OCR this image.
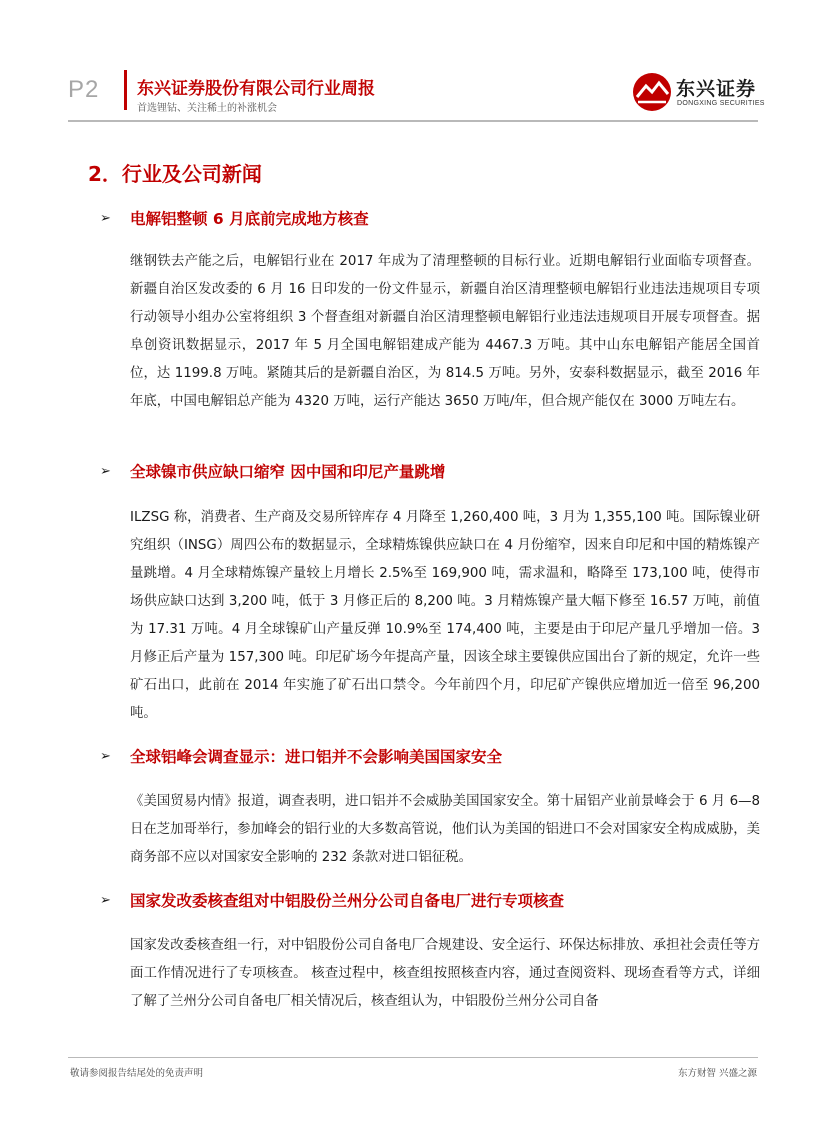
P2 东兴证券股份有限公司行业周报
首选锂钴、关注稀土的补涨机会
东兴证券
DONGXING SECURITIES
2．行业及公司新闻
➢	电解铝整顿 6 月底前完成地方核查
继钢铁去产能之后，电解铝行业在 2017 年成为了清理整顿的目标行业。近期电解铝行业面临专项督查。新疆自治区发改委的 6 月 16 日印发的一份文件显示，新疆自治区清理整顿电解铝行业违法违规项目专项行动领导小组办公室将组织 3 个督查组对新疆自治区清理整顿电解铝行业违法违规项目开展专项督查。据阜创资讯数据显示，2017 年 5 月全国电解铝建成产能为 4467.3 万吨。其中山东电解铝产能居全国首位，达 1199.8 万吨。紧随其后的是新疆自治区，为 814.5 万吨。另外，安泰科数据显示，截至 2016 年年底，中国电解铝总产能为 4320 万吨，运行产能达 3650 万吨/年，但合规产能仅在 3000 万吨左右。
➢	全球镍市供应缺口缩窄 因中国和印尼产量跳增
ILZSG 称，消费者、生产商及交易所锌库存 4 月降至 1,260,400 吨，3 月为 1,355,100 吨。国际镍业研究组织（INSG）周四公布的数据显示，全球精炼镍供应缺口在 4 月份缩窄，因来自印尼和中国的精炼镍产量跳增。4 月全球精炼镍产量较上月增长 2.5%至 169,900 吨，需求温和，略降至 173,100 吨，使得市场供应缺口达到 3,200 吨，低于 3 月修正后的 8,200 吨。3 月精炼镍产量大幅下修至 16.57 万吨，前值为 17.31 万吨。4 月全球镍矿山产量反弹 10.9%至 174,400 吨，主要是由于印尼产量几乎增加一倍。3 月修正后产量为 157,300 吨。印尼矿场今年提高产量，因该全球主要镍供应国出台了新的规定，允许一些矿石出口，此前在 2014 年实施了矿石出口禁令。今年前四个月，印尼矿产镍供应增加近一倍至 96,200 吨。
➢	全球铝峰会调查显示：进口铝并不会影响美国国家安全
《美国贸易内情》报道，调查表明，进口铝并不会威胁美国国家安全。第十届铝产业前景峰会于 6 月 6—8 日在芝加哥举行，参加峰会的铝行业的大多数高管说，他们认为美国的铝进口不会对国家安全构成威胁，美商务部不应以对国家安全影响的 232 条款对进口铝征税。
➢	国家发改委核查组对中铝股份兰州分公司自备电厂进行专项核查
国家发改委核查组一行，对中铝股份公司自备电厂合规建设、安全运行、环保达标排放、承担社会责任等方面工作情况进行了专项核查。 核查过程中，核查组按照核查内容，通过查阅资料、现场查看等方式，详细了解了兰州分公司自备电厂相关情况后，核查组认为，中铝股份兰州分公司自备
敬请参阅报告结尾处的免责声明	东方财智 兴盛之源
